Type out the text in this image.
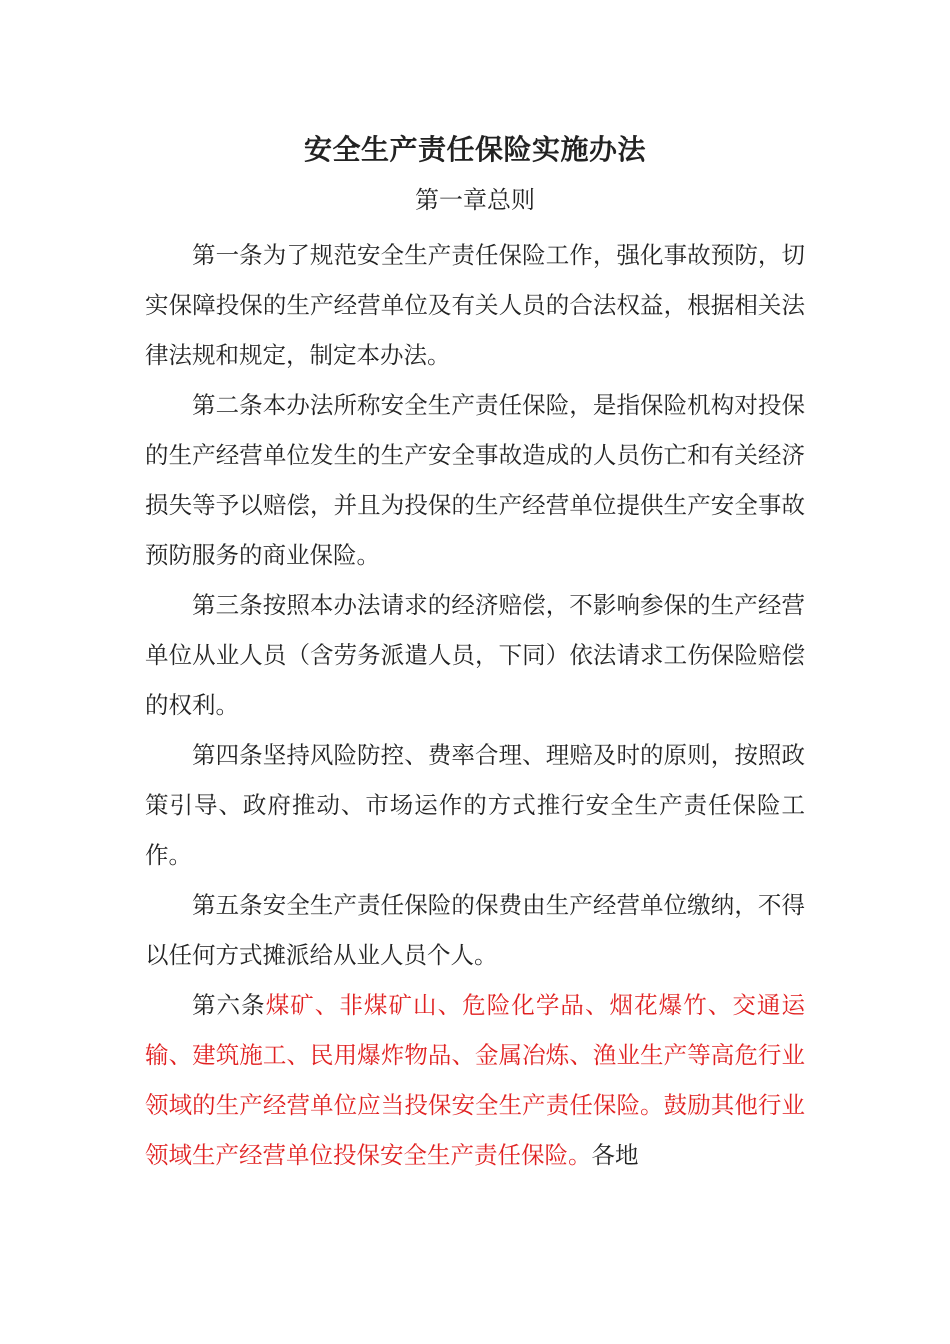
安全生产责任保险实施办法
第一章总则

第一条为了规范安全生产责任保险工作，强化事故预防，切实保障投保的生产经营单位及有关人员的合法权益，根据相关法律法规和规定，制定本办法。

第二条本办法所称安全生产责任保险，是指保险机构对投保的生产经营单位发生的生产安全事故造成的人员伤亡和有关经济损失等予以赔偿，并且为投保的生产经营单位提供生产安全事故预防服务的商业保险。

第三条按照本办法请求的经济赔偿，不影响参保的生产经营单位从业人员（含劳务派遣人员，下同）依法请求工伤保险赔偿的权利。

第四条坚持风险防控、费率合理、理赔及时的原则，按照政策引导、政府推动、市场运作的方式推行安全生产责任保险工作。

第五条安全生产责任保险的保费由生产经营单位缴纳，不得以任何方式摊派给从业人员个人。

第六条煤矿、非煤矿山、危险化学品、烟花爆竹、交通运输、建筑施工、民用爆炸物品、金属冶炼、渔业生产等高危行业领域的生产经营单位应当投保安全生产责任保险。鼓励其他行业领域生产经营单位投保安全生产责任保险。各地
